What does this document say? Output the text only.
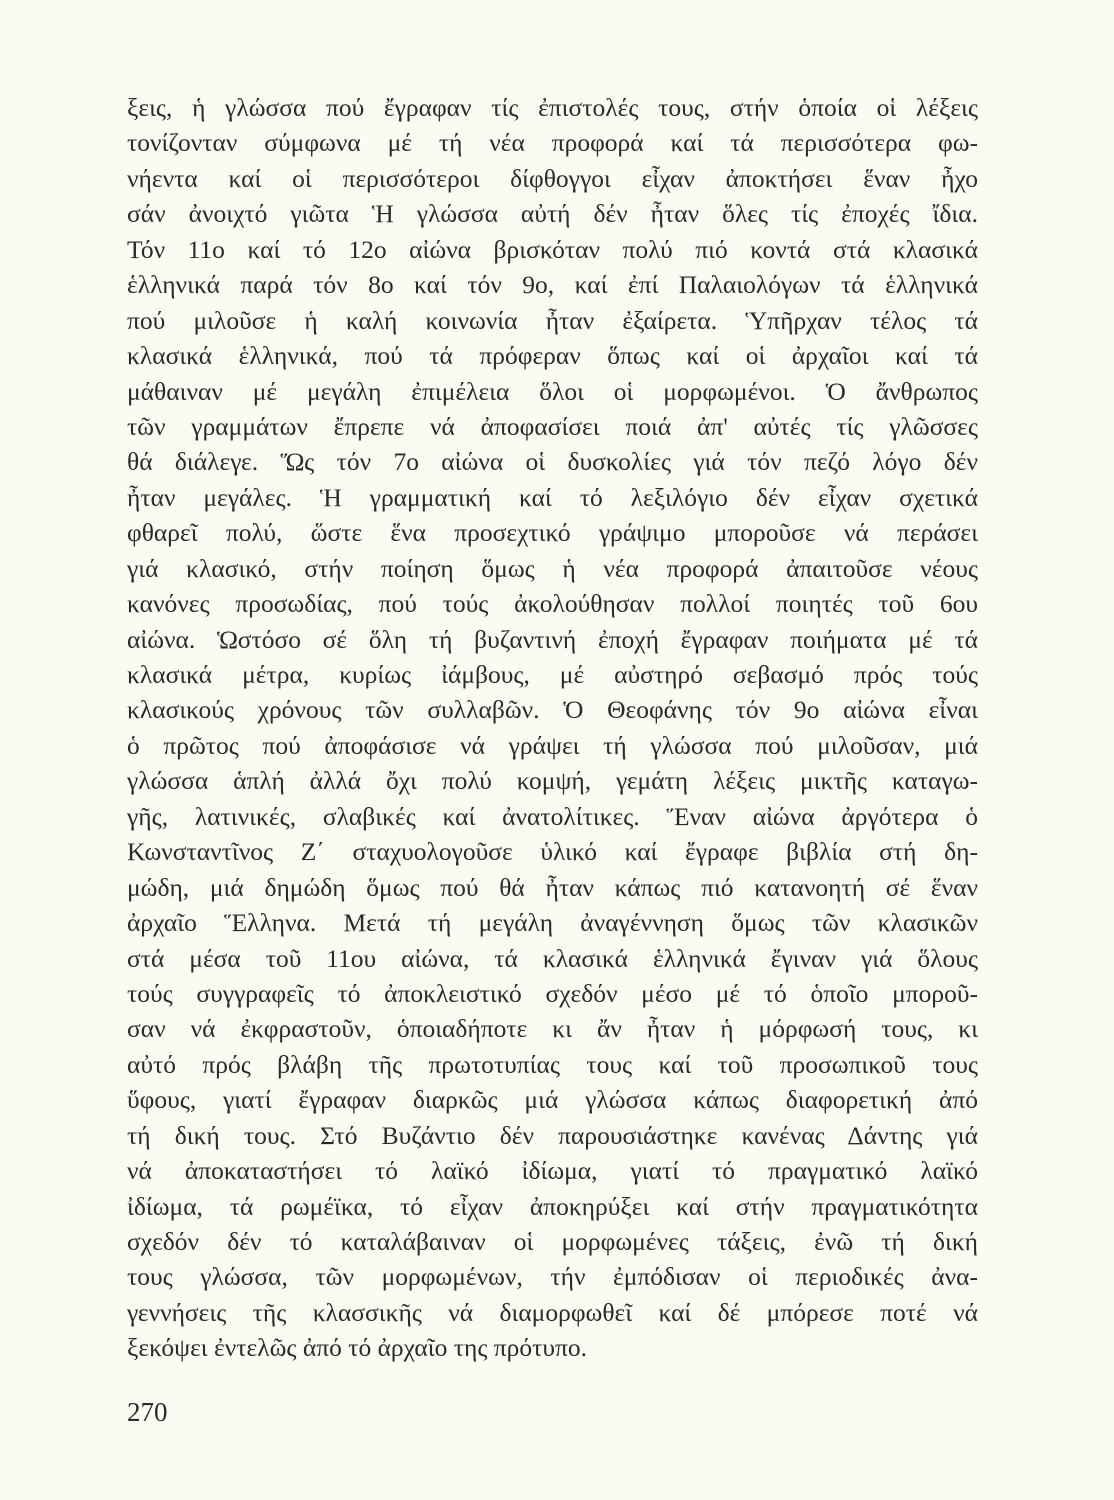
ξεις, ἡ γλώσσα πού ἔγραφαν τίς ἐπιστολές τους, στήν ὁποία οἱ λέξεις
τονίζονταν σύμφωνα μέ τή νέα προφορά καί τά περισσότερα φω-
νήεντα καί οἱ περισσότεροι δίφθογγοι εἶχαν ἀποκτήσει ἕναν ἦχο
σάν ἀνοιχτό γιῶτα Ἡ γλώσσα αὐτή δέν ἦταν ὅλες τίς ἐποχές ἴδια.
Τόν 11ο καί τό 12ο αἰώνα βρισκόταν πολύ πιό κοντά στά κλασικά
ἑλληνικά παρά τόν 8ο καί τόν 9ο, καί ἐπί Παλαιολόγων τά ἑλληνικά
πού μιλοῦσε ἡ καλή κοινωνία ἦταν ἐξαίρετα. Ὑπῆρχαν τέλος τά
κλασικά ἑλληνικά, πού τά πρόφεραν ὅπως καί οἱ ἀρχαῖοι καί τά
μάθαιναν μέ μεγάλη ἐπιμέλεια ὅλοι οἱ μορφωμένοι. Ὁ ἄνθρωπος
τῶν γραμμάτων ἔπρεπε νά ἀποφασίσει ποιά ἀπ' αὐτές τίς γλῶσσες
θά διάλεγε. Ὥς τόν 7ο αἰώνα οἱ δυσκολίες γιά τόν πεζό λόγο δέν
ἦταν μεγάλες. Ἡ γραμματική καί τό λεξιλόγιο δέν εἶχαν σχετικά
φθαρεῖ πολύ, ὥστε ἕνα προσεχτικό γράψιμο μποροῦσε νά περάσει
γιά κλασικό, στήν ποίηση ὅμως ἡ νέα προφορά ἀπαιτοῦσε νέους
κανόνες προσωδίας, πού τούς ἀκολούθησαν πολλοί ποιητές τοῦ 6ου
αἰώνα. Ὡστόσο σέ ὅλη τή βυζαντινή ἐποχή ἔγραφαν ποιήματα μέ τά
κλασικά μέτρα, κυρίως ἰάμβους, μέ αὐστηρό σεβασμό πρός τούς
κλασικούς χρόνους τῶν συλλαβῶν. Ὁ Θεοφάνης τόν 9ο αἰώνα εἶναι
ὁ πρῶτος πού ἀποφάσισε νά γράψει τή γλώσσα πού μιλοῦσαν, μιά
γλώσσα ἁπλή ἀλλά ὄχι πολύ κομψή, γεμάτη λέξεις μικτῆς καταγω-
γῆς, λατινικές, σλαβικές καί ἀνατολίτικες. Ἕναν αἰώνα ἀργότερα ὁ
Κωνσταντῖνος Ζ΄ σταχυολογοῦσε ὑλικό καί ἔγραφε βιβλία στή δη-
μώδη, μιά δημώδη ὅμως πού θά ἦταν κάπως πιό κατανοητή σέ ἕναν
ἀρχαῖο Ἕλληνα. Μετά τή μεγάλη ἀναγέννηση ὅμως τῶν κλασικῶν
στά μέσα τοῦ 11ου αἰώνα, τά κλασικά ἑλληνικά ἔγιναν γιά ὅλους
τούς συγγραφεῖς τό ἀποκλειστικό σχεδόν μέσο μέ τό ὁποῖο μποροῦ-
σαν νά ἐκφραστοῦν, ὁποιαδήποτε κι ἄν ἦταν ἡ μόρφωσή τους, κι
αὐτό πρός βλάβη τῆς πρωτοτυπίας τους καί τοῦ προσωπικοῦ τους
ὕφους, γιατί ἔγραφαν διαρκῶς μιά γλώσσα κάπως διαφορετική ἀπό
τή δική τους. Στό Βυζάντιο δέν παρουσιάστηκε κανένας Δάντης γιά
νά ἀποκαταστήσει τό λαϊκό ἰδίωμα, γιατί τό πραγματικό λαϊκό
ἰδίωμα, τά ρωμέϊκα, τό εἶχαν ἀποκηρύξει καί στήν πραγματικότητα
σχεδόν δέν τό καταλάβαιναν οἱ μορφωμένες τάξεις, ἐνῶ τή δική
τους γλώσσα, τῶν μορφωμένων, τήν ἐμπόδισαν οἱ περιοδικές ἀνα-
γεννήσεις τῆς κλασσικῆς νά διαμορφωθεῖ καί δέ μπόρεσε ποτέ νά
ξεκόψει ἐντελῶς ἀπό τό ἀρχαῖο της πρότυπο.
270
